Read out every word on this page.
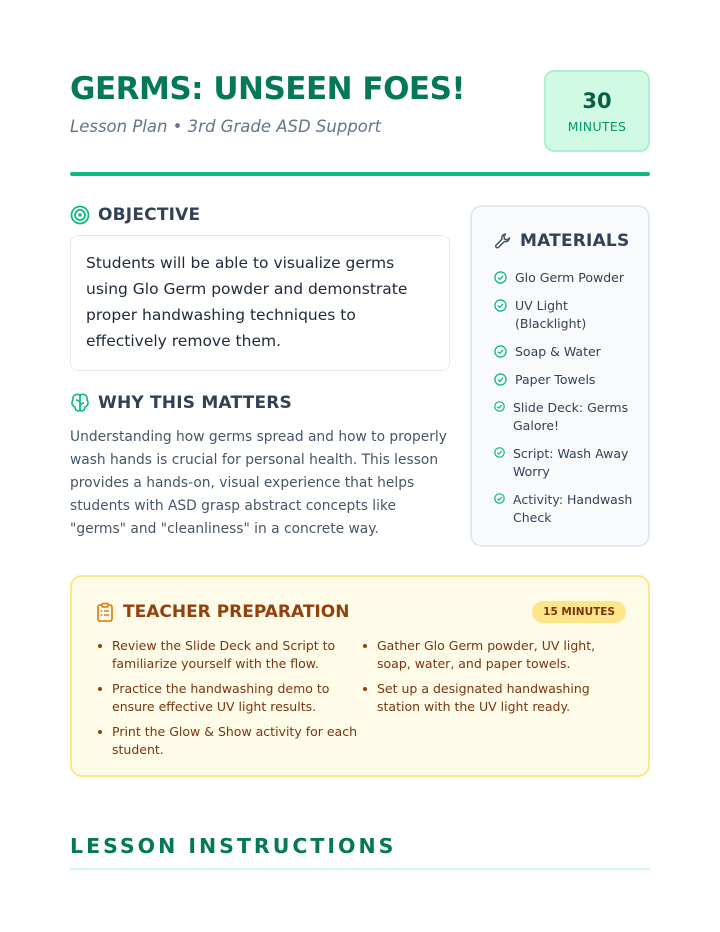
GERMS: UNSEEN FOES!
Lesson Plan • 3rd Grade ASD Support
30
MINUTES
OBJECTIVE
Students will be able to visualize germs using Glo Germ powder and demonstrate proper handwashing techniques to effectively remove them.
WHY THIS MATTERS

Understanding how germs spread and how to properly wash hands is crucial for personal health. This lesson provides a hands-on, visual experience that helps students with ASD grasp abstract concepts like "germs" and "cleanliness" in a concrete way.

MATERIALS
Glo Germ Powder
UV Light (Blacklight)
Soap & Water
Paper Towels
Slide Deck: Germs Galore!
Script: Wash Away Worry
Activity: Handwash Check
TEACHER PREPARATION	15 MINUTES
Review the Slide Deck and Script to familiarize yourself with the flow.
Practice the handwashing demo to ensure effective UV light results.
Print the Glow & Show activity for each student.
Gather Glo Germ powder, UV light, soap, water, and paper towels.
Set up a designated handwashing station with the UV light ready.
LESSON INSTRUCTIONS
